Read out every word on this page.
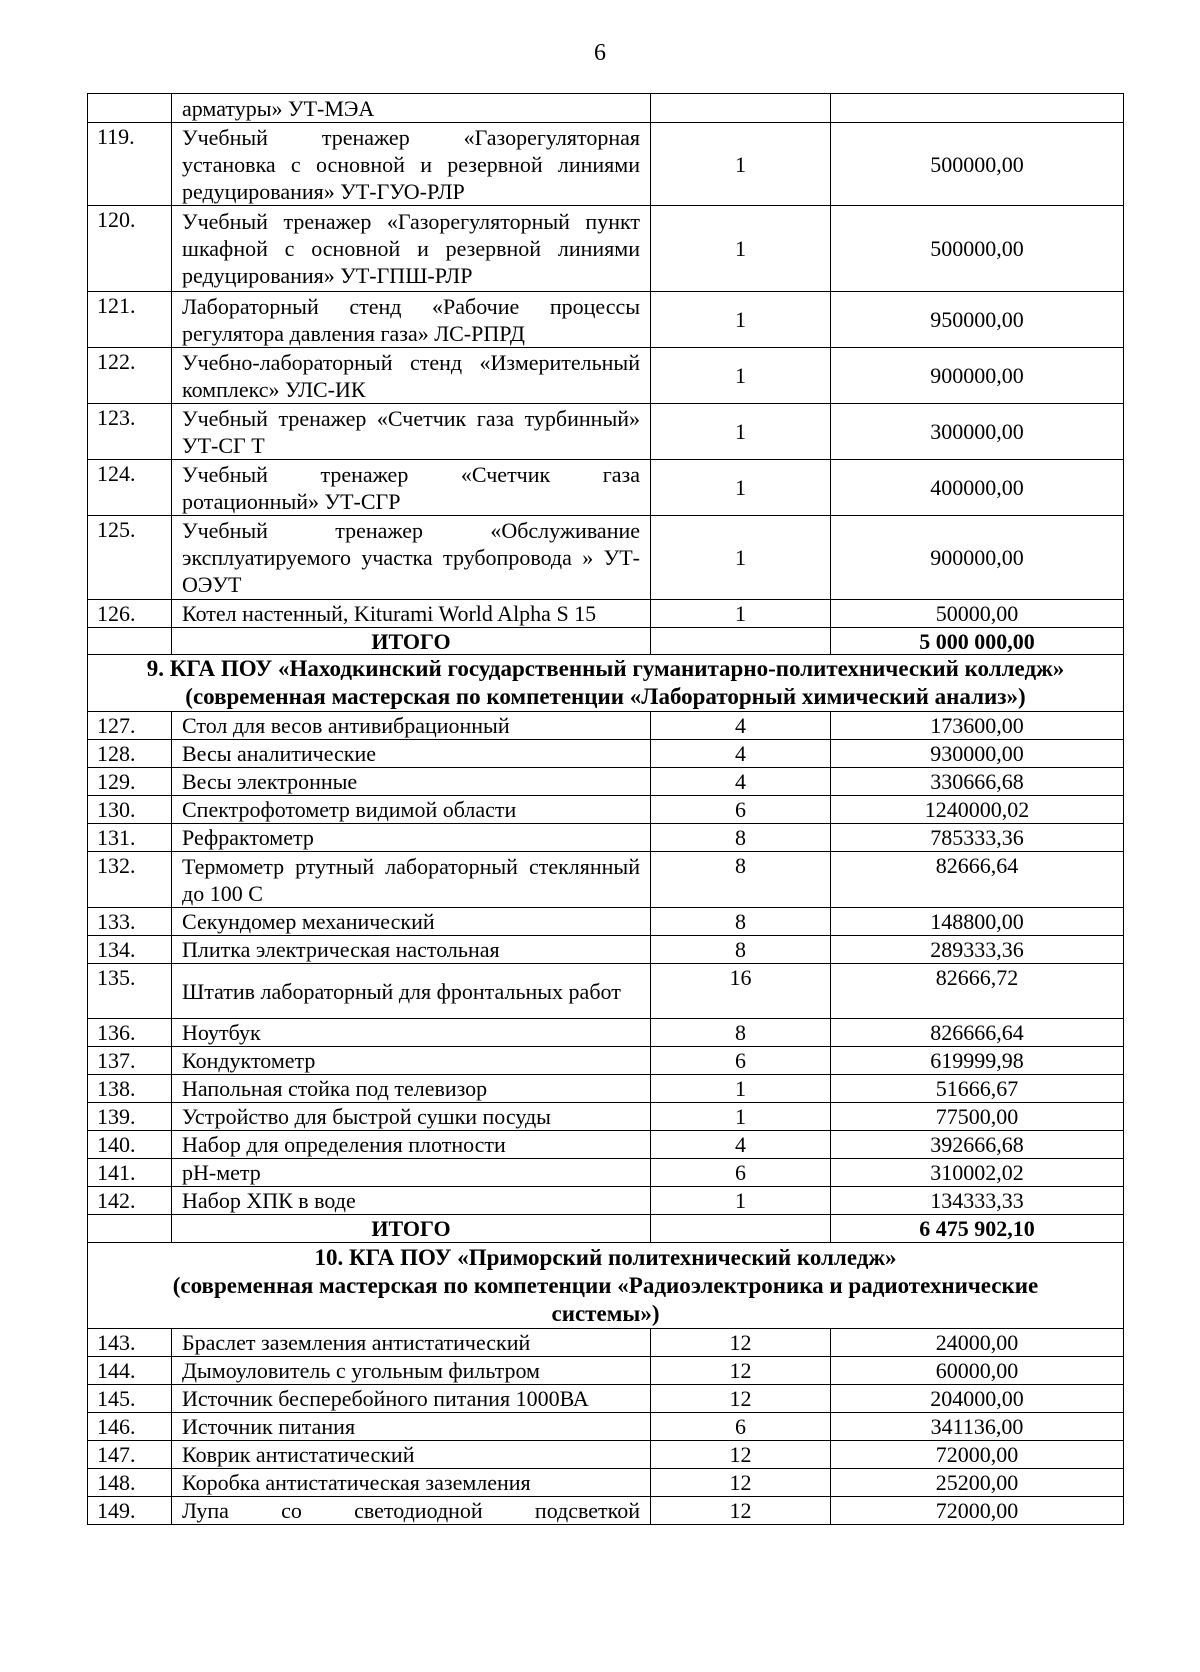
6
	арматуры» УТ-МЭА		
119.	Учебный тренажер «Газорегуляторная установка с основной и резервной линиями редуцирования» УТ-ГУО-РЛР	1	500000,00
120.	Учебный тренажер «Газорегуляторный пункт шкафной с основной и резервной линиями редуцирования» УТ-ГПШ-РЛР	1	500000,00
121.	Лабораторный стенд «Рабочие процессы регулятора давления газа» ЛС-РПРД	1	950000,00
122.	Учебно-лабораторный стенд «Измерительный комплекс» УЛС-ИК	1	900000,00
123.	Учебный тренажер «Счетчик газа турбинный» УТ-СГ Т	1	300000,00
124.	Учебный тренажер «Счетчик газа ротационный» УТ-СГР	1	400000,00
125.	Учебный тренажер «Обслуживание эксплуатируемого участка трубопровода » УТ-ОЭУТ	1	900000,00
126.	Котел настенный, Kiturami World Alpha S 15	1	50000,00
	ИТОГО		5 000 000,00

9. КГА ПОУ «Находкинский государственный гуманитарно-политехнический колледж»
(современная мастерская по компетенции «Лабораторный химический анализ»)			

127.	Стол для весов антивибрационный	4	173600,00
128.	Весы аналитические	4	930000,00
129.	Весы электронные	4	330666,68
130.	Спектрофотометр видимой области	6	1240000,02
131.	Рефрактометр	8	785333,36
132.	Термометр ртутный лабораторный стеклянный до 100 С	8	82666,64
133.	Секундомер механический	8	148800,00
134.	Плитка электрическая настольная	8	289333,36
135.	Штатив лабораторный для фронтальных работ	16	82666,72
136.	Ноутбук	8	826666,64
137.	Кондуктометр	6	619999,98
138.	Напольная стойка под телевизор	1	51666,67
139.	Устройство для быстрой сушки посуды	1	77500,00
140.	Набор для определения плотности	4	392666,68
141.	pH-метр	6	310002,02
142.	Набор ХПК в воде	1	134333,33
	ИТОГО		6 475 902,10

10. КГА ПОУ «Приморский политехнический колледж»
(современная мастерская по компетенции «Радиоэлектроника и радиотехнические системы»)			

143.	Браслет заземления антистатический	12	24000,00
144.	Дымоуловитель с угольным фильтром	12	60000,00
145.	Источник бесперебойного питания 1000ВА	12	204000,00
146.	Источник питания	6	341136,00
147.	Коврик антистатический	12	72000,00
148.	Коробка антистатическая заземления	12	25200,00
149.	Лупа со светодиодной подсветкой	12	72000,00
